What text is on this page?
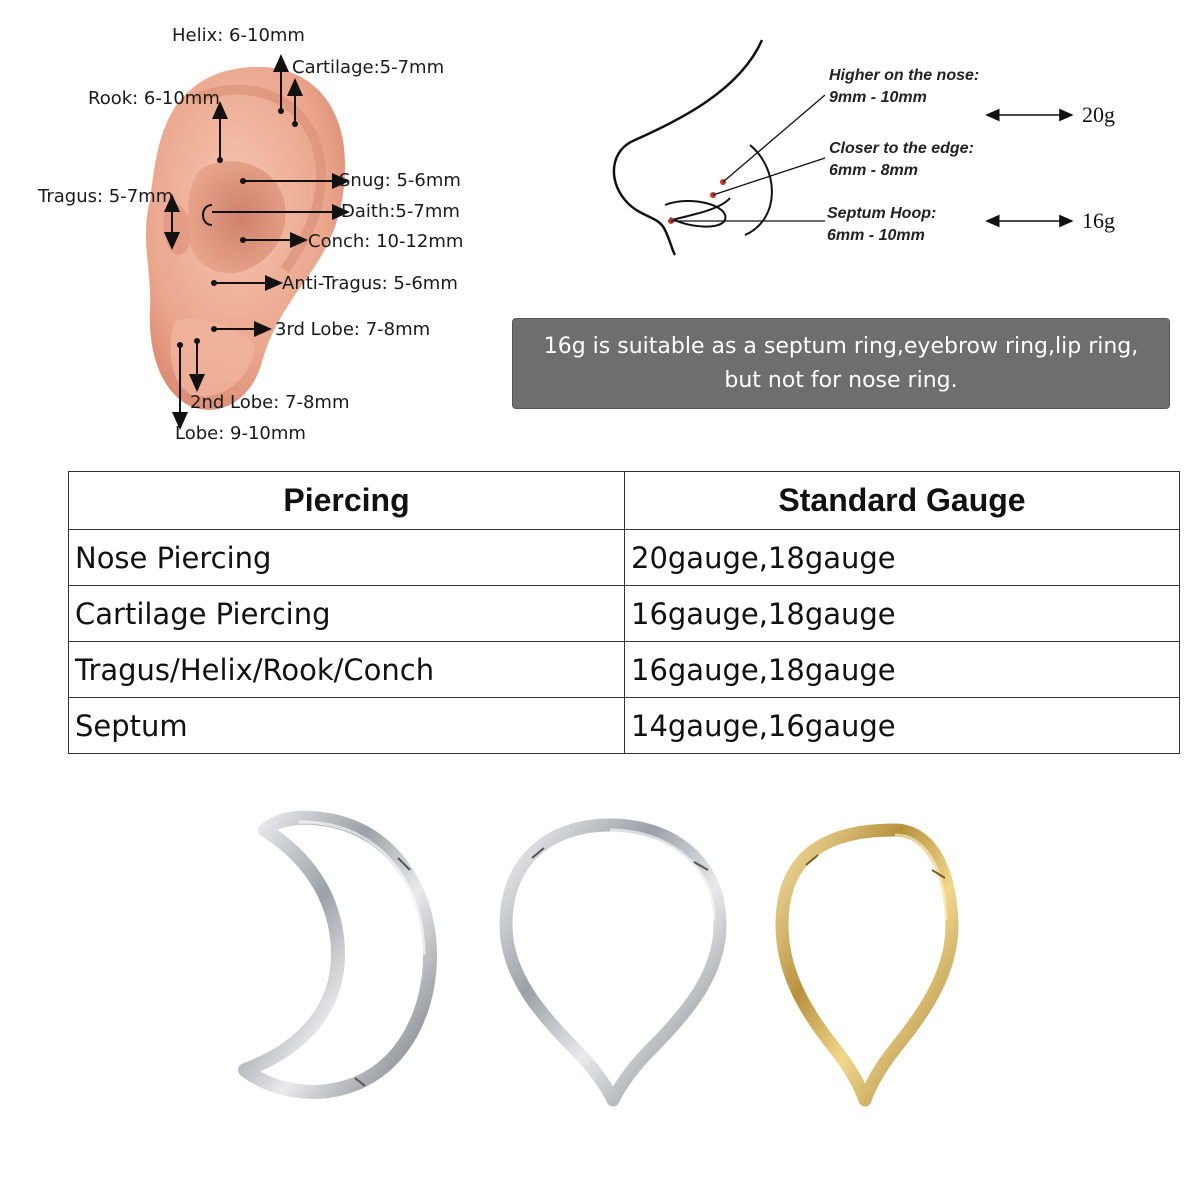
Helix: 6-10mm
Cartilage:5-7mm
Rook: 6-10mm
Snug: 5-6mm
Tragus: 5-7mm
Daith:5-7mm
Conch: 10-12mm
Anti-Tragus: 5-6mm
3rd Lobe: 7-8mm
2nd Lobe: 7-8mm
Lobe: 9-10mm
Higher on the nose:
9mm - 10mm
Closer to the edge:
6mm - 8mm
Septum Hoop:
6mm - 10mm
20g
16g
16g is suitable as a septum ring,eyebrow ring,lip ring,
but not for nose ring.
Piercing	Standard Gauge
Nose Piercing	20gauge,18gauge
Cartilage Piercing	16gauge,18gauge
Tragus/Helix/Rook/Conch	16gauge,18gauge
Septum	14gauge,16gauge
